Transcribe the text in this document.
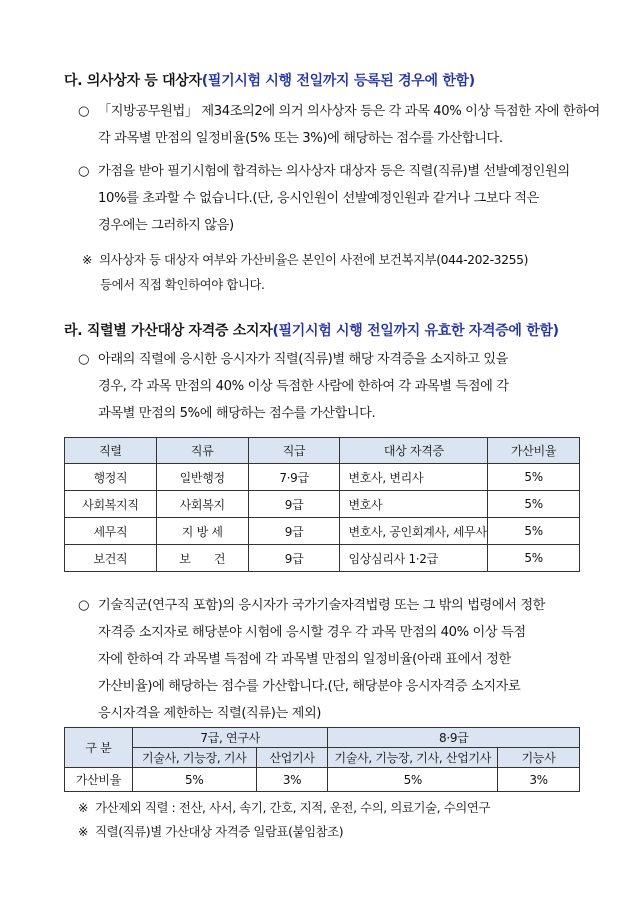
다. 의사상자 등 대상자(필기시험 시행 전일까지 등록된 경우에 한함)
○ 「지방공무원법」 제34조의2에 의거 의사상자 등은 각 과목 40% 이상 득점한 자에 한하여
각 과목별 만점의 일정비율(5% 또는 3%)에 해당하는 점수를 가산합니다.
○ 가점을 받아 필기시험에 합격하는 의사상자 대상자 등은 직렬(직류)별 선발예정인원의
10%를 초과할 수 없습니다.(단, 응시인원이 선발예정인원과 같거나 그보다 적은
경우에는 그러하지 않음)
※ 의사상자 등 대상자 여부와 가산비율은 본인이 사전에 보건복지부(044-202-3255)
등에서 직접 확인하여야 합니다.
라. 직렬별 가산대상 자격증 소지자(필기시험 시행 전일까지 유효한 자격증에 한함)
○ 아래의 직렬에 응시한 응시자가 직렬(직류)별 해당 자격증을 소지하고 있을
경우, 각 과목 만점의 40% 이상 득점한 사람에 한하여 각 과목별 득점에 각
과목별 만점의 5%에 해당하는 점수를 가산합니다.
직렬	직류	직급	대상 자격증	가산비율
행정직	일반행정	7·9급	변호사, 변리사	5%
사회복지직	사회복지	9급	변호사	5%
세무직	지 방 세	9급	변호사, 공인회계사, 세무사	5%
보건직	보　　건	9급	임상심리사 1·2급	5%
○ 기술직군(연구직 포함)의 응시자가 국가기술자격법령 또는 그 밖의 법령에서 정한
자격증 소지자로 해당분야 시험에 응시할 경우 각 과목 만점의 40% 이상 득점
자에 한하여 각 과목별 득점에 각 과목별 만점의 일정비율(아래 표에서 정한
가산비율)에 해당하는 점수를 가산합니다.(단, 해당분야 응시자격증 소지자로
응시자격을 제한하는 직렬(직류)는 제외)
구 분	7급, 연구사		8·9급	
	기술사, 기능장, 기사	산업기사	기술사, 기능장, 기사, 산업기사	기능사
가산비율	5%	3%	5%	3%
※ 가산제외 직렬 : 전산, 사서, 속기, 간호, 지적, 운전, 수의, 의료기술, 수의연구
※ 직렬(직류)별 가산대상 자격증 일람표(붙임참조)
